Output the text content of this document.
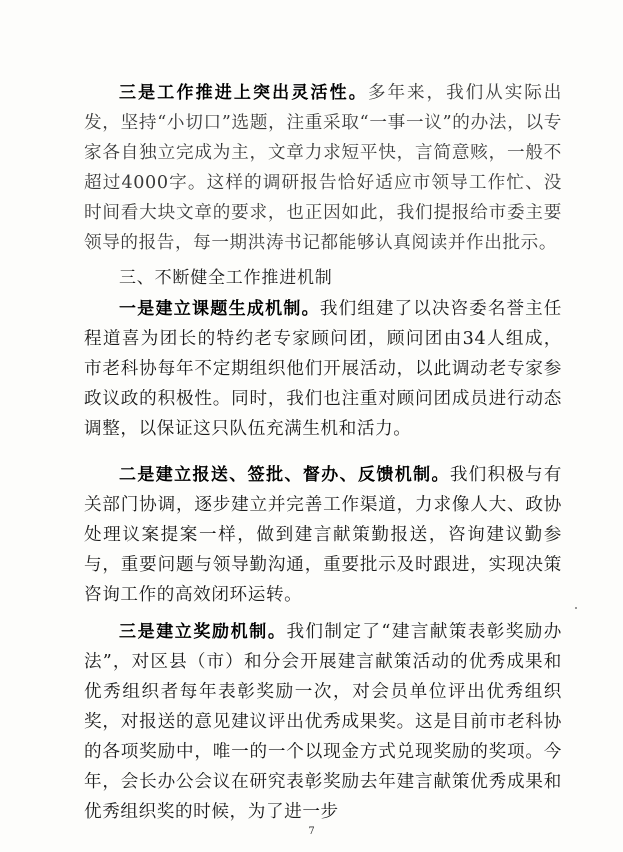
三是工作推进上突出灵活性。多年来，我们从实际出发，坚持“小切口”选题，注重采取“一事一议”的办法，以专家各自独立完成为主，文章力求短平快，言简意赅，一般不超过4000字。这样的调研报告恰好适应市领导工作忙、没时间看大块文章的要求，也正因如此，我们提报给市委主要领导的报告，每一期洪涛书记都能够认真阅读并作出批示。

三、不断健全工作推进机制

一是建立课题生成机制。我们组建了以决咨委名誉主任程道喜为团长的特约老专家顾问团，顾问团由34人组成，市老科协每年不定期组织他们开展活动，以此调动老专家参政议政的积极性。同时，我们也注重对顾问团成员进行动态调整，以保证这只队伍充满生机和活力。

二是建立报送、签批、督办、反馈机制。我们积极与有关部门协调，逐步建立并完善工作渠道，力求像人大、政协处理议案提案一样，做到建言献策勤报送，咨询建议勤参与，重要问题与领导勤沟通，重要批示及时跟进，实现决策咨询工作的高效闭环运转。

三是建立奖励机制。我们制定了“建言献策表彰奖励办法”，对区县（市）和分会开展建言献策活动的优秀成果和优秀组织者每年表彰奖励一次，对会员单位评出优秀组织奖，对报送的意见建议评出优秀成果奖。这是目前市老科协的各项奖励中，唯一的一个以现金方式兑现奖励的奖项。今年，会长办公会议在研究表彰奖励去年建言献策优秀成果和优秀组织奖的时候，为了进一步

7
